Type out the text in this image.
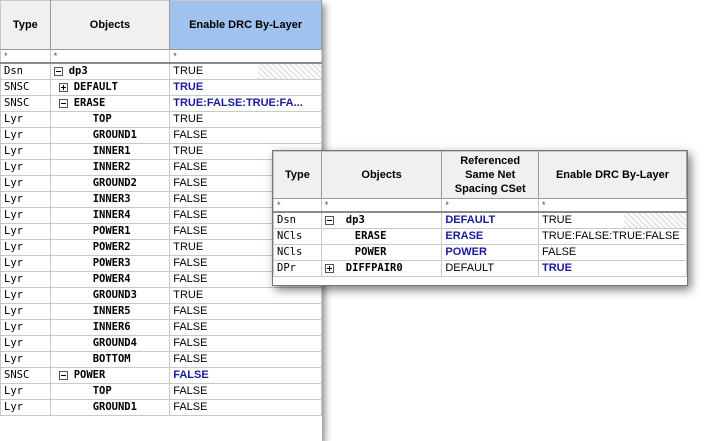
Type	Objects	Enable DRC By-Layer
*	*	*
Dsn	dp3	TRUE
SNSC	DEFAULT	TRUE
SNSC	ERASE	TRUE:FALSE:TRUE:FA...
Lyr	TOP	TRUE
Lyr	GROUND1	FALSE
Lyr	INNER1	TRUE
Lyr	INNER2	FALSE
Lyr	GROUND2	FALSE
Lyr	INNER3	FALSE
Lyr	INNER4	FALSE
Lyr	POWER1	FALSE
Lyr	POWER2	TRUE
Lyr	POWER3	FALSE
Lyr	POWER4	FALSE
Lyr	GROUND3	TRUE
Lyr	INNER5	FALSE
Lyr	INNER6	FALSE
Lyr	GROUND4	FALSE
Lyr	BOTTOM	FALSE
SNSC	POWER	FALSE
Lyr	TOP	FALSE
Lyr	GROUND1	FALSE
Type	Objects	Referenced Same Net Spacing CSet	Enable DRC By-Layer
*	*	*	*
Dsn	dp3	DEFAULT	TRUE
NCls	ERASE	ERASE	TRUE:FALSE:TRUE:FALSE
NCls	POWER	POWER	FALSE
DPr	DIFFPAIR0	DEFAULT	TRUE
